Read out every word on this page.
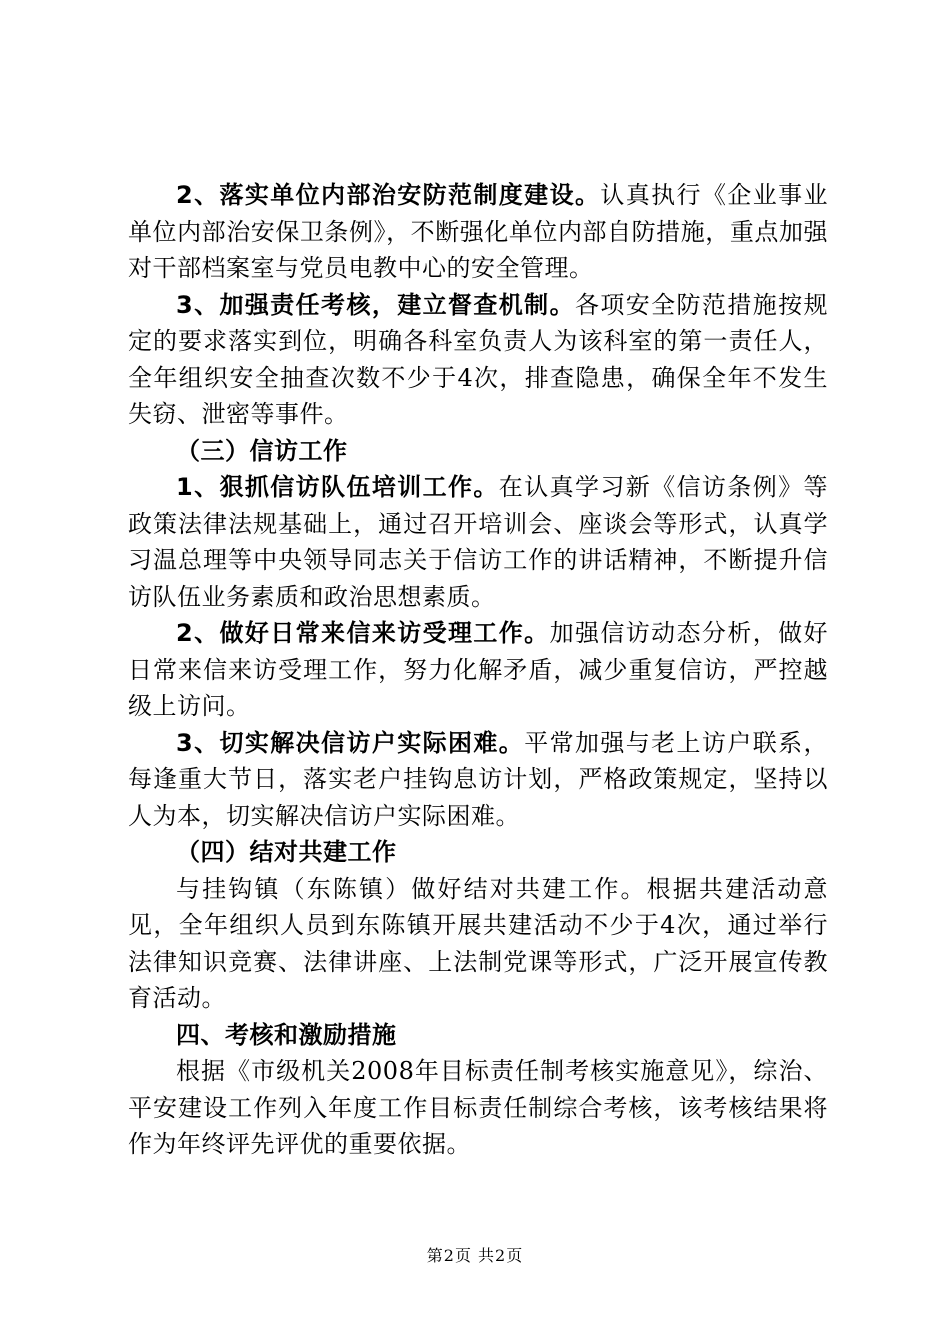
2、落实单位内部治安防范制度建设。认真执行《企业事业单位内部治安保卫条例》，不断强化单位内部自防措施，重点加强对干部档案室与党员电教中心的安全管理。

3、加强责任考核，建立督查机制。各项安全防范措施按规定的要求落实到位，明确各科室负责人为该科室的第一责任人，全年组织安全抽查次数不少于4次，排查隐患，确保全年不发生失窃、泄密等事件。

（三）信访工作

1、狠抓信访队伍培训工作。在认真学习新《信访条例》等政策法律法规基础上，通过召开培训会、座谈会等形式，认真学习温总理等中央领导同志关于信访工作的讲话精神，不断提升信访队伍业务素质和政治思想素质。

2、做好日常来信来访受理工作。加强信访动态分析，做好日常来信来访受理工作，努力化解矛盾，减少重复信访，严控越级上访问。

3、切实解决信访户实际困难。平常加强与老上访户联系，每逢重大节日，落实老户挂钩息访计划，严格政策规定，坚持以人为本，切实解决信访户实际困难。

（四）结对共建工作

与挂钩镇（东陈镇）做好结对共建工作。根据共建活动意见，全年组织人员到东陈镇开展共建活动不少于4次，通过举行法律知识竞赛、法律讲座、上法制党课等形式，广泛开展宣传教育活动。

四、考核和激励措施

根据《市级机关2008年目标责任制考核实施意见》，综治、平安建设工作列入年度工作目标责任制综合考核，该考核结果将作为年终评先评优的重要依据。

第2页 共2页
